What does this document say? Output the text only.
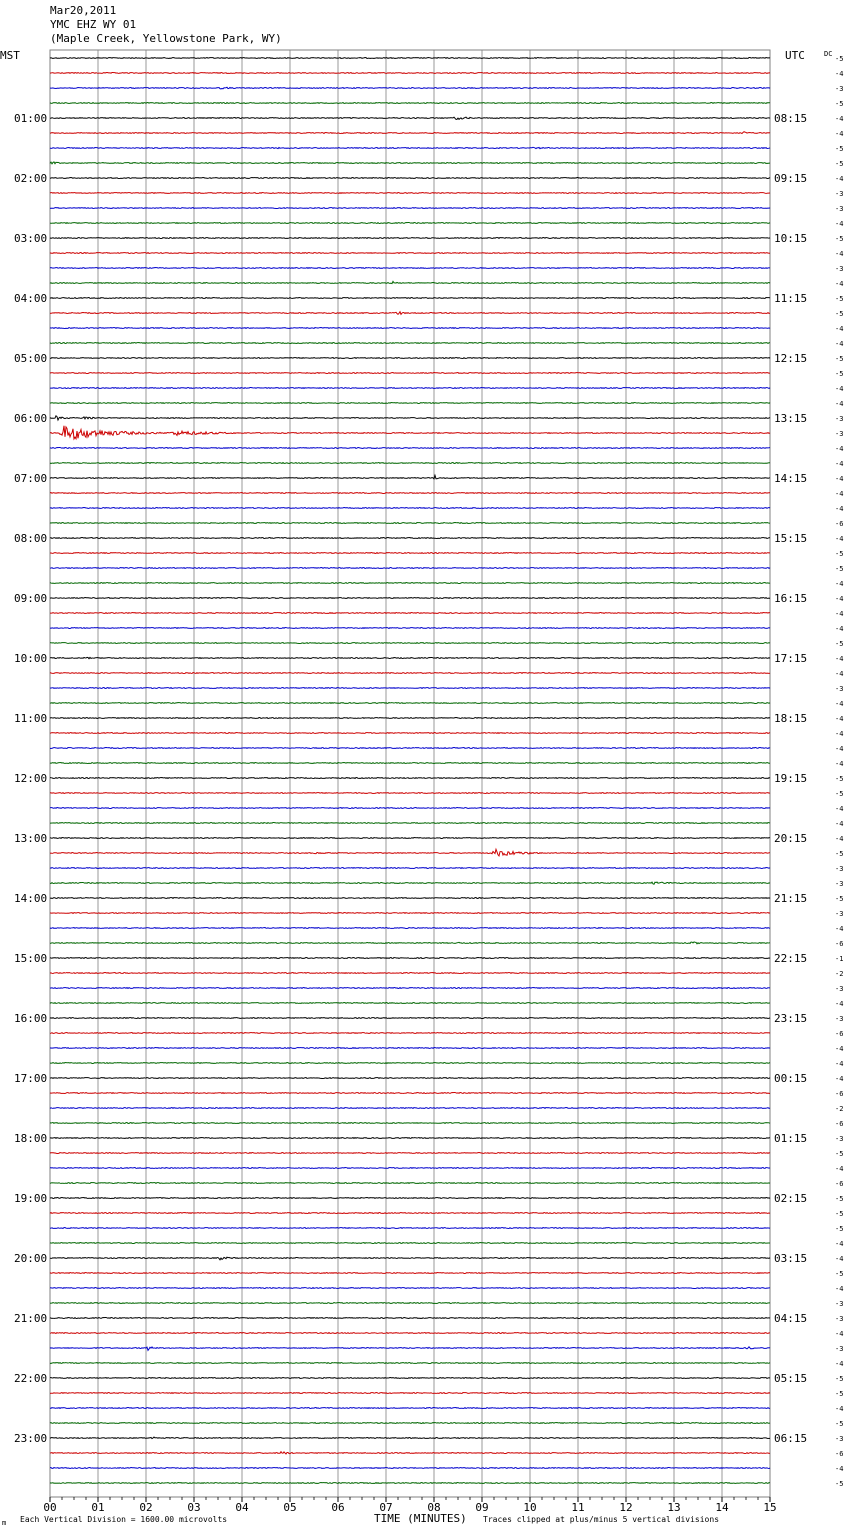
Mar20,2011
YMC EHZ WY 01
(Maple Creek, Yellowstone Park, WY)
MST	UTC	DC
01:00
02:00
03:00
04:00
05:00
06:00
07:00
08:00
09:00
10:00
11:00
12:00
13:00
14:00
15:00
16:00
17:00
18:00
19:00
20:00
21:00
22:00
23:00
08:15
09:15
10:15
11:15
12:15
13:15
14:15
15:15
16:15
17:15
18:15
19:15
20:15
21:15
22:15
23:15
00:15
01:15
02:15
03:15
04:15
05:15
06:15
-5
-4
-3
-5
-4
-4
-5
-5
-4
-3
-3
-4
-5
-4
-3
-4
-5
-5
-4
-4
-5
-5
-4
-4
-3
-3
-4
-4
-4
-4
-4
-6
-4
-5
-5
-4
-4
-4
-4
-5
-4
-4
-3
-4
-4
-4
-4
-4
-5
-5
-4
-4
-4
-5
-3
-3
-5
-3
-4
-6
-1
-2
-3
-4
-3
-6
-4
-4
-4
-6
-2
-6
-3
-5
-4
-6
-5
-5
-5
-4
-4
-5
-4
-3
-3
-4
-3
-4
-5
-5
-4
-5
-3
-6
-4
-5
00	01	02	03	04	05	06	07	08	09	10	11	12	13	14	15
m Each Vertical Division = 1600.00 microvolts	TIME (MINUTES) Traces clipped at plus/minus 5 vertical divisions
